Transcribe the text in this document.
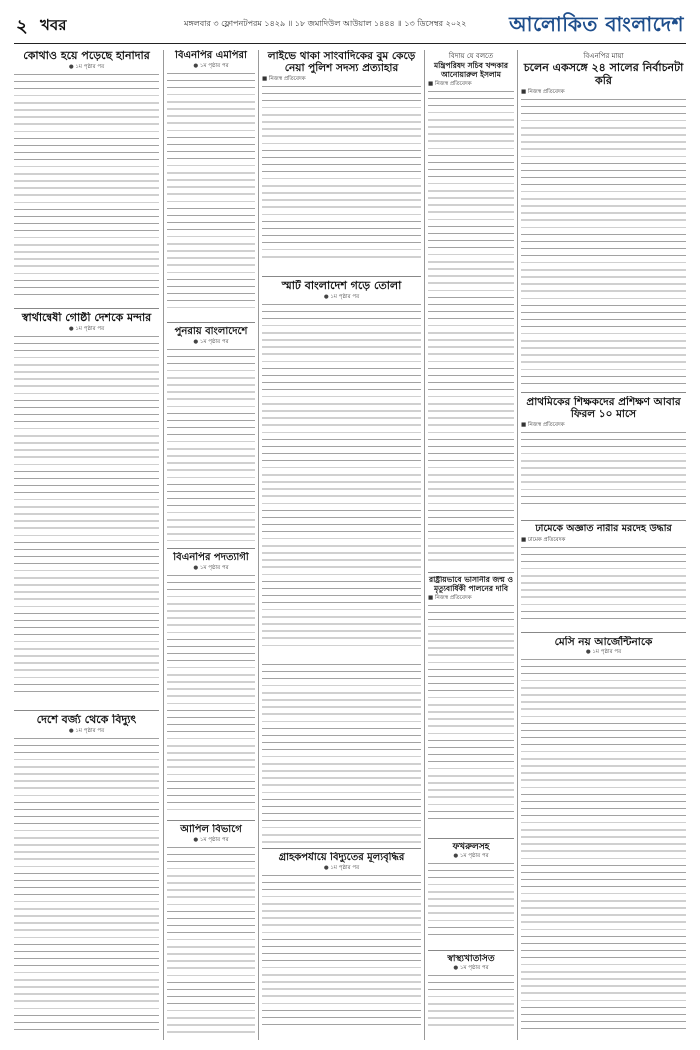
২ খবর	মঙ্গলবার ৩ ফ্লোপনটপরম ১৪২৯ ॥ ১৮ জমাদিউল আউয়াল ১৪৪৪ ॥ ১৩ ডিসেম্বর ২০২২ আলোকিত বাংলাদেশ
কোথাও হয়ে পড়েছে হানাদার
● ১ম পৃষ্ঠার পর
স্বার্থান্বেষী গোষ্ঠী দেশকে মন্দার
● ১ম পৃষ্ঠার পর
দেশে বর্জ্য থেকে বিদ্যুৎ
● ১ম পৃষ্ঠার পর
বিএনপির এমপিরা
● ১ম পৃষ্ঠার পর
পুনরায় বাংলাদেশে
● ১ম পৃষ্ঠার পর
বিএনপির পদত্যাগী
● ১ম পৃষ্ঠার পর
আপিল বিভাগে
● ১ম পৃষ্ঠার পর
লাইভে থাকা সাংবাদিকের বুম কেড়ে নেয়া পুলিশ সদস্য প্রত্যাহার
■ নিজস্ব প্রতিবেদক
স্মার্ট বাংলাদেশ গড়ে তোলা
● ১ম পৃষ্ঠার পর
গ্রাহকপর্যায়ে বিদ্যুতের মূল্যবৃদ্ধির
● ১ম পৃষ্ঠার পর
বিদায় যে বলতে
মন্ত্রিপরিষদ সচিব খন্দকার আনোয়ারুল ইসলাম
■ নিজস্ব প্রতিবেদক
রাষ্ট্রীয়ভাবে ভাসানীর জন্ম ও মৃত্যুবার্ষিকী পালনের দাবি
■ নিজস্ব প্রতিবেদক
ফখরুলসহ
● ১ম পৃষ্ঠার পর
স্বাস্থ্যখাতসিত
● ১ম পৃষ্ঠার পর
বিএনপির মায়া
চলেন একসঙ্গে ২৪ সালের নির্বাচনটা করি
■ নিজস্ব প্রতিবেদক
প্রাথমিকের শিক্ষকদের প্রশিক্ষণ আবার ফিরল ১০ মাসে
■ নিজস্ব প্রতিবেদক
ঢামেকে অজ্ঞাত নারীর মরদেহ উদ্ধার
■ ঢামেক প্রতিবেদক
মেসি নয় আর্জেন্টিনাকে
● ১ম পৃষ্ঠার পর
